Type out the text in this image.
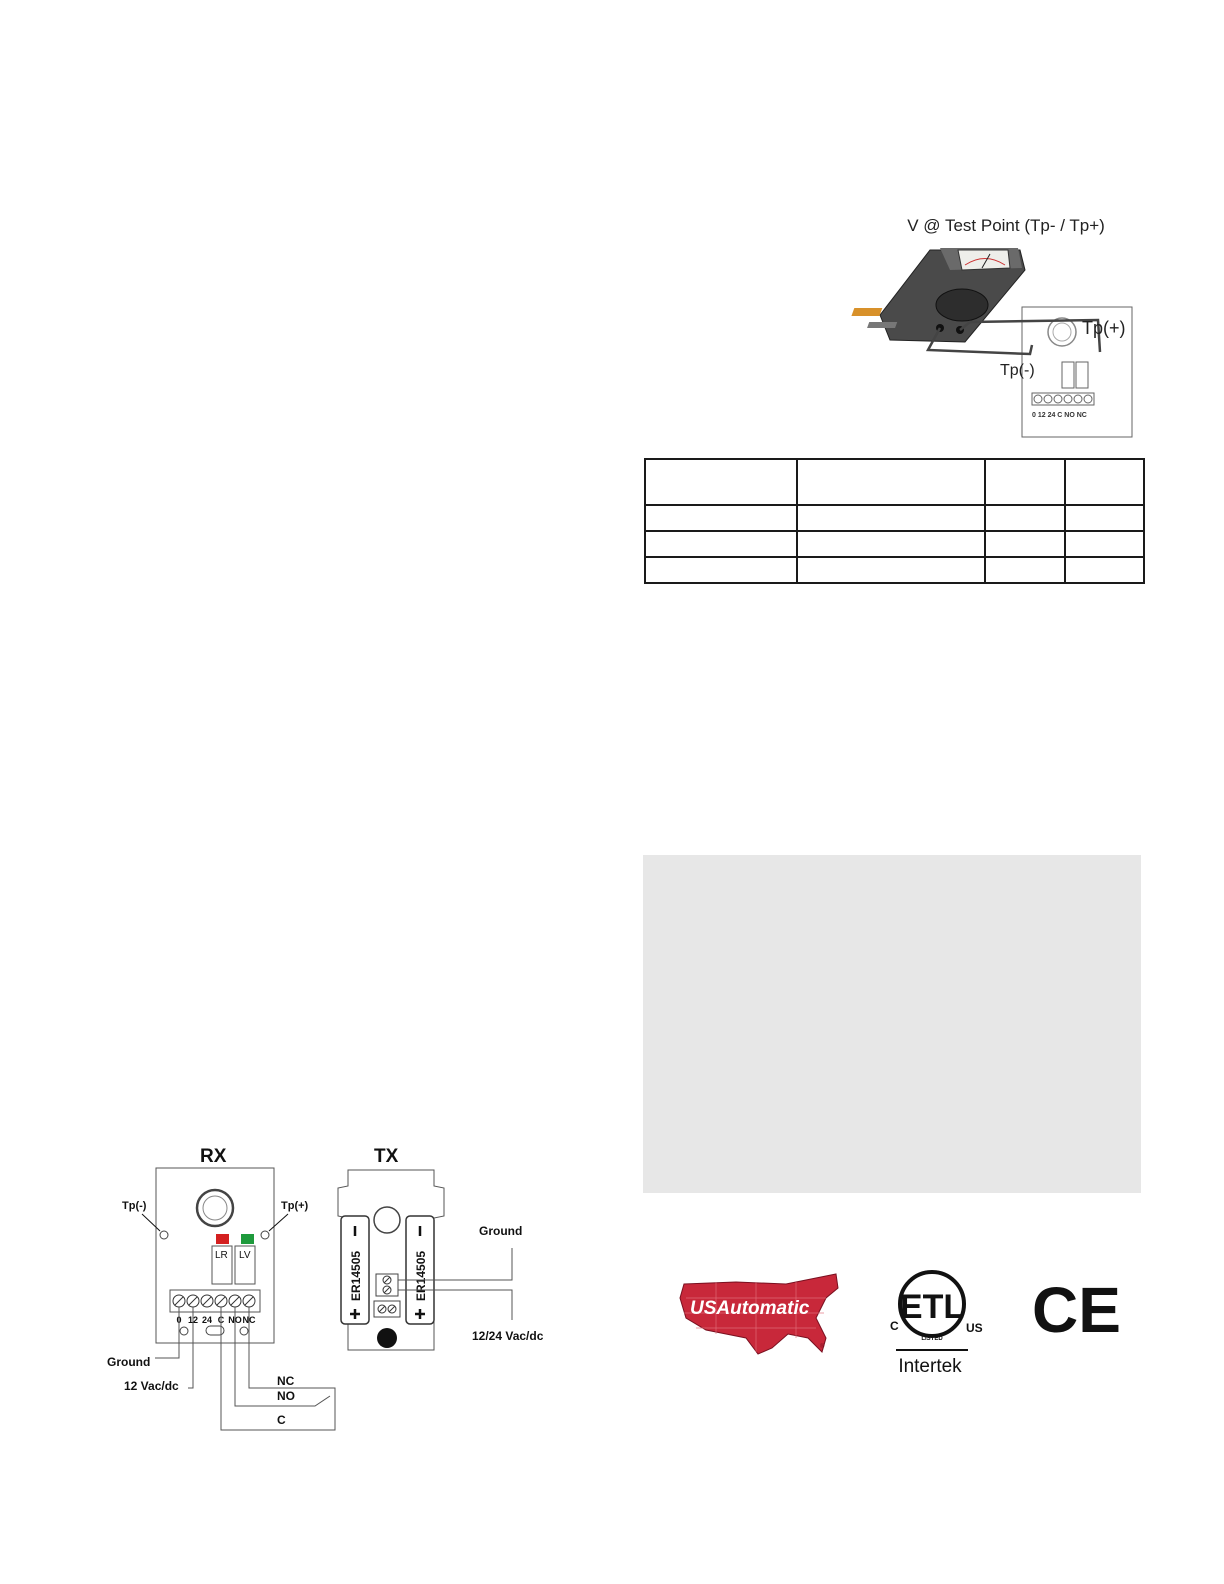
0 12 24 C NO NC
Tp(+)
Tp(-)
V @ Test Point (Tp- / Tp+)

RX
Tp(-)	Tp(+)
LR LV
0 12 24 C NO NC
Ground
12 Vac/dc	NC
NO
C
TX
ER14505	ER14505
Ground
12/24 Vac/dc
USAutomatic
®
ETL
C	US
LISTED
Intertek
CE
